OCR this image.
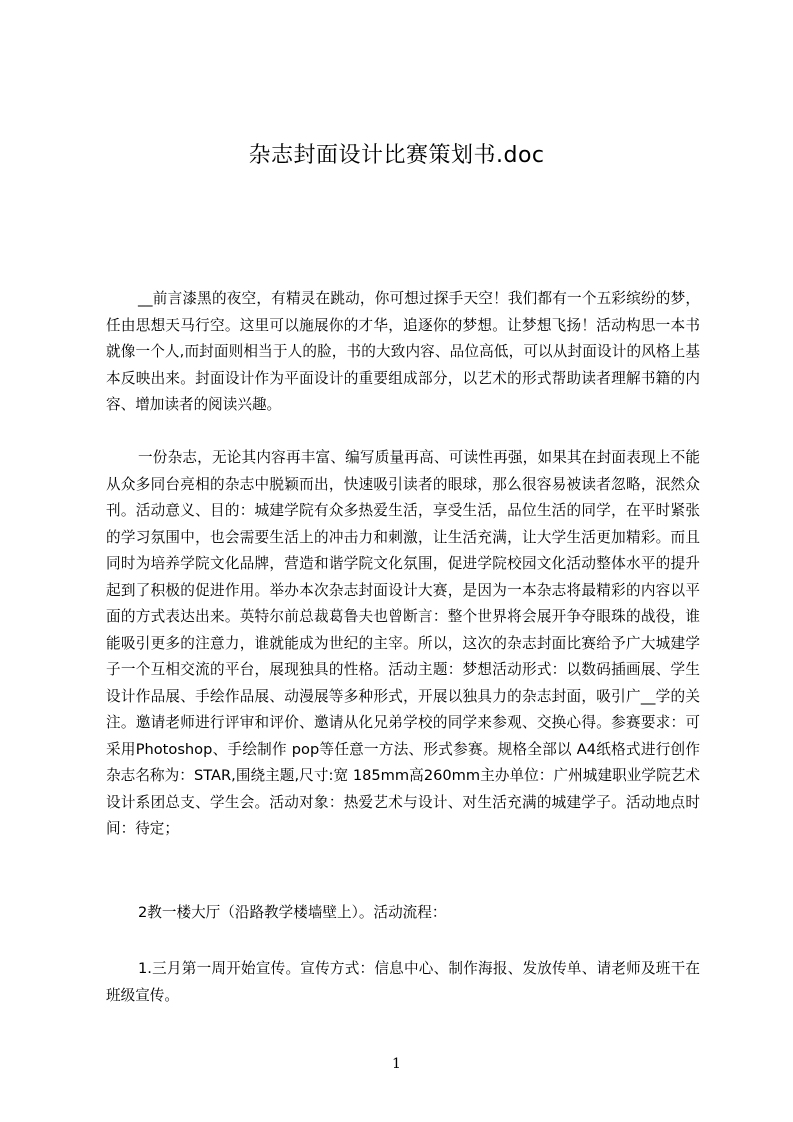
杂志封面设计比赛策划书.doc

__前言漆黑的夜空，有精灵在跳动，你可想过探手天空！我们都有一个五彩缤纷的梦，任由思想天马行空。这里可以施展你的才华，追逐你的梦想。让梦想飞扬！活动构思一本书就像一个人,而封面则相当于人的脸，书的大致内容、品位高低，可以从封面设计的风格上基本反映出来。封面设计作为平面设计的重要组成部分，以艺术的形式帮助读者理解书籍的内容、增加读者的阅读兴趣。

一份杂志，无论其内容再丰富、编写质量再高、可读性再强，如果其在封面表现上不能从众多同台亮相的杂志中脱颖而出，快速吸引读者的眼球，那么很容易被读者忽略，泯然众刊。活动意义、目的：城建学院有众多热爱生活，享受生活，品位生活的同学，在平时紧张的学习氛围中，也会需要生活上的冲击力和刺激，让生活充满，让大学生活更加精彩。而且同时为培养学院文化品牌，营造和谐学院文化氛围，促进学院校园文化活动整体水平的提升起到了积极的促进作用。举办本次杂志封面设计大赛，是因为一本杂志将最精彩的内容以平面的方式表达出来。英特尔前总裁葛鲁夫也曾断言：整个世界将会展开争夺眼珠的战役，谁能吸引更多的注意力，谁就能成为世纪的主宰。所以，这次的杂志封面比赛给予广大城建学子一个互相交流的平台，展现独具的性格。活动主题：梦想活动形式：以数码插画展、学生设计作品展、手绘作品展、动漫展等多种形式，开展以独具力的杂志封面，吸引广__学的关注。邀请老师进行评审和评价、邀请从化兄弟学校的同学来参观、交换心得。参赛要求：可采用Photoshop、手绘制作 pop等任意一方法、形式参赛。规格全部以 A4纸格式进行创作杂志名称为：STAR,围绕主题,尺寸:宽 185mm高260mm主办单位：广州城建职业学院艺术设计系团总支、学生会。活动对象：热爱艺术与设计、对生活充满的城建学子。活动地点时间：待定；

2教一楼大厅（沿路教学楼墙壁上）。活动流程：

1.三月第一周开始宣传。宣传方式：信息中心、制作海报、发放传单、请老师及班干在班级宣传。

1
